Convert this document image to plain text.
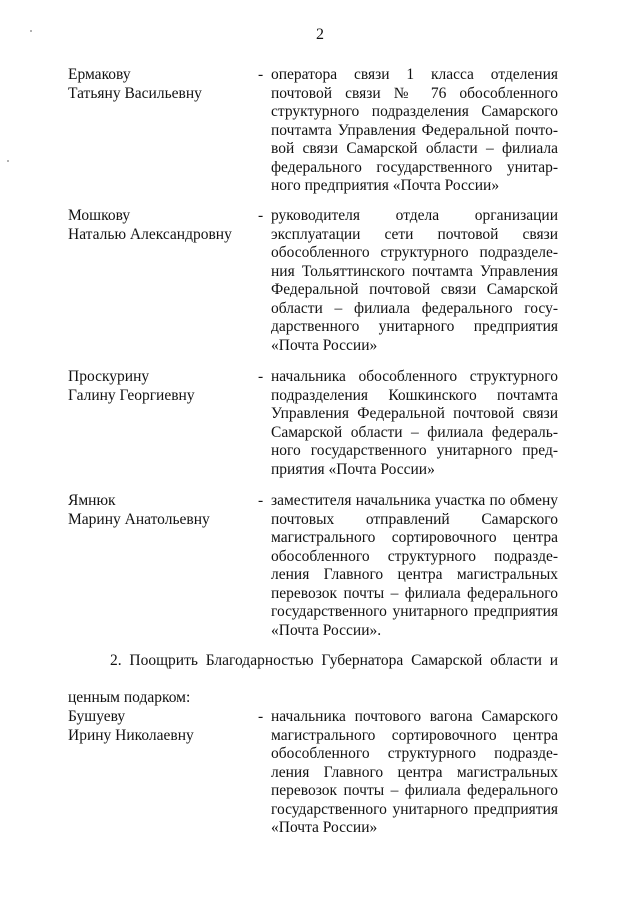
2
Ермакову
Татьяну Васильевну
- оператора связи 1 класса отделения
почтовой связи № 76 обособленного
структурного подразделения Самарского
почтамта Управления Федеральной почто-
вой связи Самарской области – филиала
федерального государственного унитар-
ного предприятия «Почта России»
Мошкову
Наталью Александровну
- руководителя отдела организации
эксплуатации сети почтовой связи
обособленного структурного подразделе-
ния Тольяттинского почтамта Управления
Федеральной почтовой связи Самарской
области – филиала федерального госу-
дарственного унитарного предприятия
«Почта России»
Проскурину
Галину Георгиевну
- начальника обособленного структурного
подразделения Кошкинского почтамта
Управления Федеральной почтовой связи
Самарской области – филиала федераль-
ного государственного унитарного пред-
приятия «Почта России»
Ямнюк
Марину Анатольевну
- заместителя начальника участка по обмену
почтовых отправлений Самарского
магистрального сортировочного центра
обособленного структурного подразде-
ления Главного центра магистральных
перевозок почты – филиала федерального
государственного унитарного предприятия
«Почта России».
2. Поощрить Благодарностью Губернатора Самарской области и
ценным подарком:
Бушуеву
Ирину Николаевну
- начальника почтового вагона Самарского
магистрального сортировочного центра
обособленного структурного подразде-
ления Главного центра магистральных
перевозок почты – филиала федерального
государственного унитарного предприятия
«Почта России»
